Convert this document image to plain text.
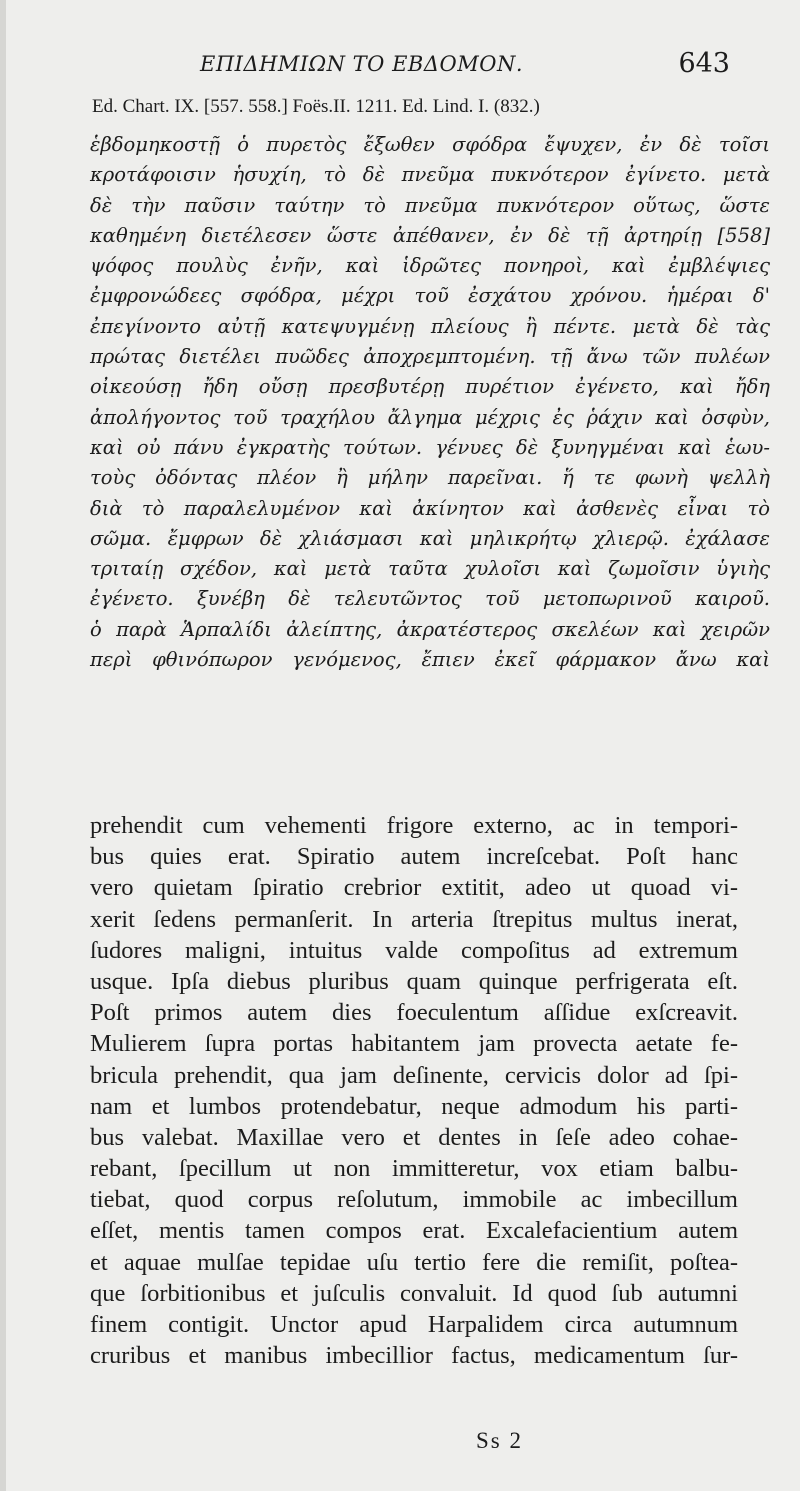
ΕΠΙΔΗΜΙΩΝ ΤΟ ΕΒΔΟΜΟΝ.	643
Ed. Chart. IX. [557. 558.] Foës.II. 1211. Ed. Lind. I. (832.)
ἑβδομηκοστῇ ὁ πυρετὸς ἔξωθεν σφόδρα ἔψυχεν, ἐν δὲ τοῖσι
κροτάφοισιν ἡσυχίη, τὸ δὲ πνεῦμα πυκνότερον ἐγίνετο. μετὰ
δὲ τὴν παῦσιν ταύτην τὸ πνεῦμα πυκνότερον οὕτως, ὥστε
καθημένη διετέλεσεν ὥστε ἀπέθανεν, ἐν δὲ τῇ ἀρτηρίῃ [558]
ψόφος πουλὺς ἐνῆν, καὶ ἱδρῶτες πονηροὶ, καὶ ἐμβλέψιες
ἐμφρονώδεες σφόδρα, μέχρι τοῦ ἐσχάτου χρόνου. ἡμέραι δ'
ἐπεγίνοντο αὐτῇ κατεψυγμένῃ πλείους ἢ πέντε. μετὰ δὲ τὰς
πρώτας διετέλει πυῶδες ἀποχρεμπτομένη. τῇ ἄνω τῶν πυλέων
οἰκεούσῃ ἤδη οὔσῃ πρεσβυτέρῃ πυρέτιον ἐγένετο, καὶ ἤδη
ἀπολήγοντος τοῦ τραχήλου ἄλγημα μέχρις ἐς ῥάχιν καὶ ὀσφὺν,
καὶ οὐ πάνυ ἐγκρατὴς τούτων. γένυες δὲ ξυνηγμέναι καὶ ἑωυ-
τοὺς ὀδόντας πλέον ἢ μήλην παρεῖναι. ἥ τε φωνὴ ψελλὴ
διὰ τὸ παραλελυμένον καὶ ἀκίνητον καὶ ἀσθενὲς εἶναι τὸ
σῶμα. ἔμφρων δὲ χλιάσμασι καὶ μηλικρήτῳ χλιερῷ. ἐχάλασε
τριταίῃ σχέδον, καὶ μετὰ ταῦτα χυλοῖσι καὶ ζωμοῖσιν ὑγιὴς
ἐγένετο. ξυνέβη δὲ τελευτῶντος τοῦ μετοπωρινοῦ καιροῦ.
ὁ παρὰ Ἁρπαλίδι ἀλείπτης, ἀκρατέστερος σκελέων καὶ χειρῶν
περὶ φθινόπωρον γενόμενος, ἔπιεν ἐκεῖ φάρμακον ἄνω καὶ
prehendit cum vehementi frigore externo, ac in tempori-
bus quies erat. Spiratio autem increſcebat. Poſt hanc
vero quietam ſpiratio crebrior extitit, adeo ut quoad vi-
xerit ſedens permanſerit. In arteria ſtrepitus multus inerat,
ſudores maligni, intuitus valde compoſitus ad extremum
usque. Ipſa diebus pluribus quam quinque perfrigerata eſt.
Poſt primos autem dies foeculentum aſſidue exſcreavit.
Mulierem ſupra portas habitantem jam provecta aetate fe-
bricula prehendit, qua jam deſinente, cervicis dolor ad ſpi-
nam et lumbos protendebatur, neque admodum his parti-
bus valebat. Maxillae vero et dentes in ſeſe adeo cohae-
rebant, ſpecillum ut non immitteretur, vox etiam balbu-
tiebat, quod corpus reſolutum, immobile ac imbecillum
eſſet, mentis tamen compos erat. Excalefacientium autem
et aquae mulſae tepidae uſu tertio fere die remiſit, poſtea-
que ſorbitionibus et juſculis convaluit. Id quod ſub autumni
finem contigit. Unctor apud Harpalidem circa autumnum
cruribus et manibus imbecillior factus, medicamentum ſur-
Ss 2
